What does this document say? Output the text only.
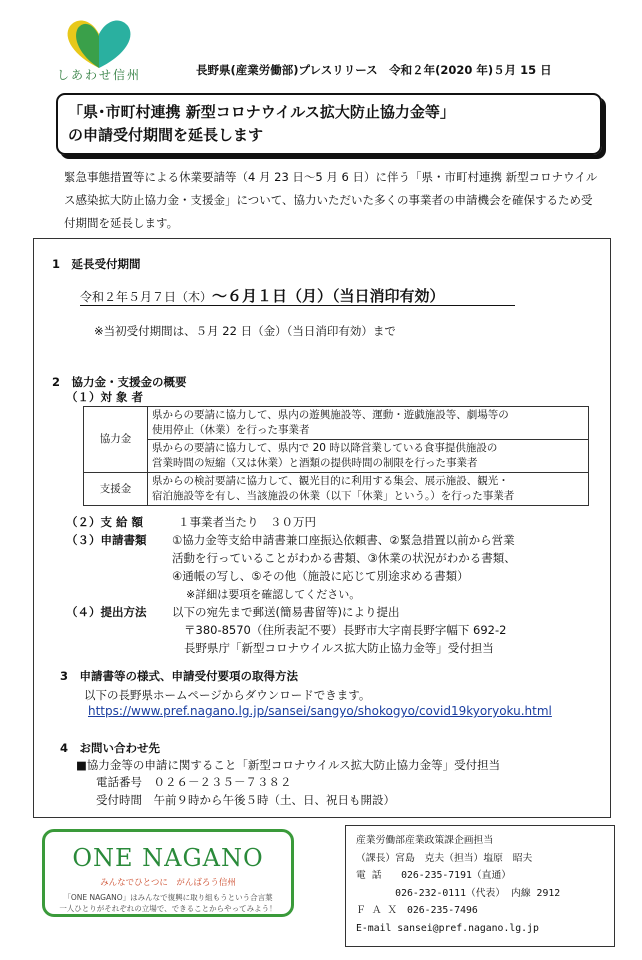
しあわせ信州	長野県(産業労働部)プレスリリース　令和２年(2020 年)５月 15 日
「県･市町村連携 新型コロナウイルス拡大防止協力金等」
の申請受付期間を延長します
緊急事態措置等による休業要請等（4 月 23 日～5 月 6 日）に伴う「県・市町村連携 新型コロナウイルス感染拡大防止協力金・支援金」について、協力いただいた多くの事業者の申請機会を確保するため受付期間を延長します。
1　延長受付期間
令和２年５月７日（木）～６月１日（月）（当日消印有効）
※当初受付期間は、５月 22 日（金）（当日消印有効）まで
2　協力金・支援金の概要
（１）対 象 者
協力金	県からの要請に協力して、県内の遊興施設等、運動・遊戯施設等、劇場等の
使用停止（休業）を行った事業者

	県からの要請に協力して、県内で 20 時以降営業している食事提供施設の
営業時間の短縮（又は休業）と酒類の提供時間の制限を行った事業者

支援金	県からの検討要請に協力して、観光目的に利用する集会、展示施設、観光・
宿泊施設等を有し、当該施設の休業（以下「休業」という。）を行った事業者
（２）支 給 額	１事業者当たり　３０万円
（３）申請書類 ①協力金等支給申請書兼口座振込依頼書、②緊急措置以前から営業
活動を行っていることがわかる書類、③休業の状況がわかる書類、
④通帳の写し、⑤その他（施設に応じて別途求める書類）
※詳細は要項を確認してください。
（４）提出方法 以下の宛先まで郵送(簡易書留等)により提出
〒380-8570（住所表記不要）長野市大字南長野字幅下 692-2
長野県庁「新型コロナウイルス拡大防止協力金等」受付担当
3　申請書等の様式、申請受付要項の取得方法
以下の長野県ホームページからダウンロードできます。
https://www.pref.nagano.lg.jp/sansei/sangyo/shokogyo/covid19kyoryoku.html
4　お問い合わせ先
■協力金等の申請に関すること「新型コロナウイルス拡大防止協力金等」受付担当
電話番号　０２６－２３５－７３８２
受付時間　午前９時から午後５時（土、日、祝日も開設）
ONE NAGANO
みんなでひとつに　がんばろう信州
「ONE NAGANO」はみんなで復興に取り組もうという合言葉
一人ひとりがそれぞれの立場で、できることからやってみよう！
産業労働部産業政策課企画担当
（課長）宮島　克夫（担当）塩原　昭夫
電 話　　026-235-7191（直通）
　　　　026-232-0111（代表） 内線 2912
Ｆ Ａ Ｘ　026-235-7496
E-mail sansei@pref.nagano.lg.jp
